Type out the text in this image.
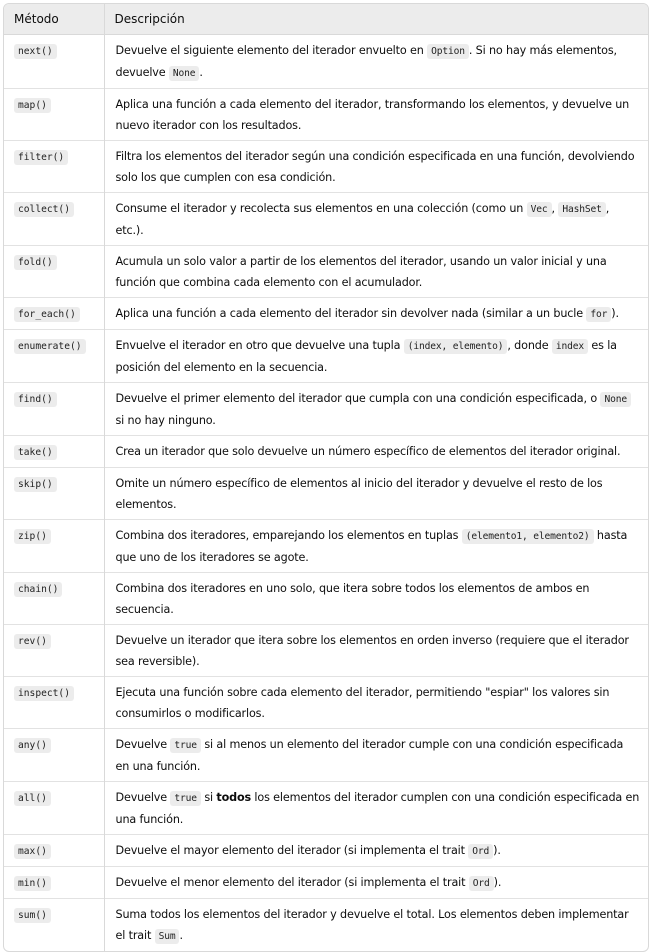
Método	Descripción
next()	Devuelve el siguiente elemento del iterador envuelto en Option . Si no hay más elementos, devuelve None .
map()	Aplica una función a cada elemento del iterador, transformando los elementos, y devuelve un nuevo iterador con los resultados.
filter()	Filtra los elementos del iterador según una condición especificada en una función, devolviendo solo los que cumplen con esa condición.
collect()	Consume el iterador y recolecta sus elementos en una colección (como un Vec , HashSet , etc.).
fold()	Acumula un solo valor a partir de los elementos del iterador, usando un valor inicial y una función que combina cada elemento con el acumulador.
for_each()	Aplica una función a cada elemento del iterador sin devolver nada (similar a un bucle for ).
enumerate()	Envuelve el iterador en otro que devuelve una tupla (index, elemento) , donde index es la posición del elemento en la secuencia.
find()	Devuelve el primer elemento del iterador que cumpla con una condición especificada, o None si no hay ninguno.
take()	Crea un iterador que solo devuelve un número específico de elementos del iterador original.
skip()	Omite un número específico de elementos al inicio del iterador y devuelve el resto de los elementos.
zip()	Combina dos iteradores, emparejando los elementos en tuplas (elemento1, elemento2) hasta que uno de los iteradores se agote.
chain()	Combina dos iteradores en uno solo, que itera sobre todos los elementos de ambos en secuencia.
rev()	Devuelve un iterador que itera sobre los elementos en orden inverso (requiere que el iterador sea reversible).
inspect()	Ejecuta una función sobre cada elemento del iterador, permitiendo "espiar" los valores sin consumirlos o modificarlos.
any()	Devuelve true si al menos un elemento del iterador cumple con una condición especificada en una función.
all()	Devuelve true si todos los elementos del iterador cumplen con una condición especificada en una función.
max()	Devuelve el mayor elemento del iterador (si implementa el trait Ord ).
min()	Devuelve el menor elemento del iterador (si implementa el trait Ord ).
sum()	Suma todos los elementos del iterador y devuelve el total. Los elementos deben implementar el trait Sum .
